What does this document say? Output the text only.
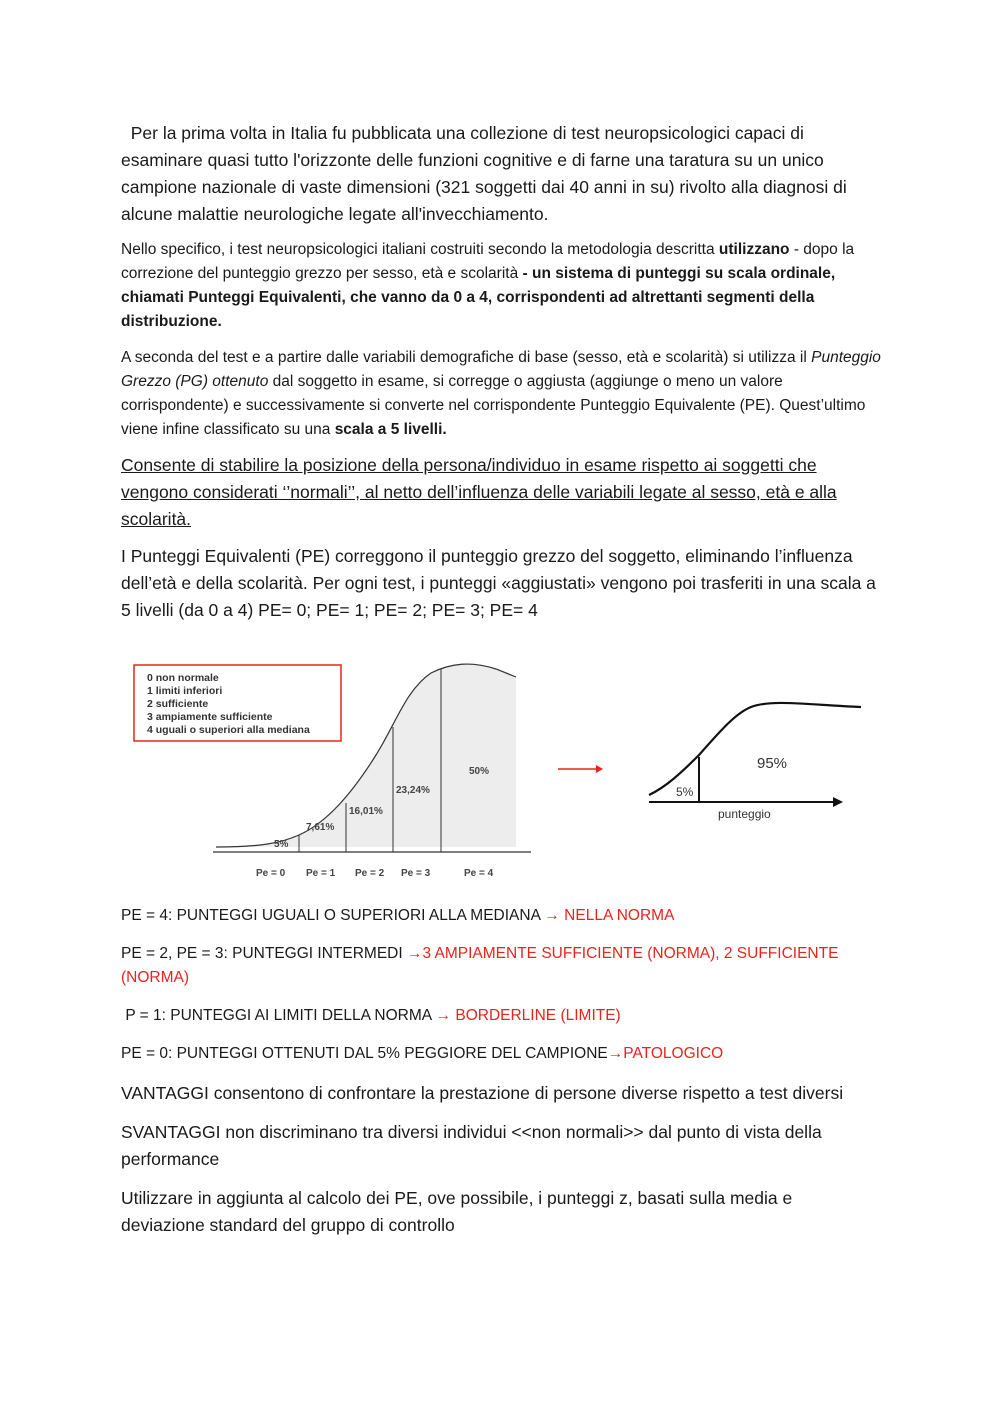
Per la prima volta in Italia fu pubblicata una collezione di test neuropsicologici capaci di esaminare quasi tutto l'orizzonte delle funzioni cognitive e di farne una taratura su un unico campione nazionale di vaste dimensioni (321 soggetti dai 40 anni in su) rivolto alla diagnosi di alcune malattie neurologiche legate all'invecchiamento.

Nello specifico, i test neuropsicologici italiani costruiti secondo la metodologia descritta utilizzano - dopo la correzione del punteggio grezzo per sesso, età e scolarità - un sistema di punteggi su scala ordinale, chiamati Punteggi Equivalenti, che vanno da 0 a 4, corrispondenti ad altrettanti segmenti della distribuzione.

A seconda del test e a partire dalle variabili demografiche di base (sesso, età e scolarità) si utilizza il Punteggio Grezzo (PG) ottenuto dal soggetto in esame, si corregge o aggiusta (aggiunge o meno un valore corrispondente) e successivamente si converte nel corrispondente Punteggio Equivalente (PE). Quest’ultimo viene infine classificato su una scala a 5 livelli.

Consente di stabilire la posizione della persona/individuo in esame rispetto ai soggetti che vengono considerati ‘’normali’’, al netto dell’influenza delle variabili legate al sesso, età e alla scolarità.

I Punteggi Equivalenti (PE) correggono il punteggio grezzo del soggetto, eliminando l’influenza dell’età e della scolarità. Per ogni test, i punteggi «aggiustati» vengono poi trasferiti in una scala a 5 livelli (da 0 a 4) PE= 0; PE= 1; PE= 2; PE= 3; PE= 4

5%
7,61%
16,01%
23,24%
50%
Pe = 0 Pe = 1 Pe = 2 Pe = 3	Pe = 4
0 non normale
1 limiti inferiori
2 sufficiente
3 ampiamente sufficiente
4 uguali o superiori alla mediana
5%
95%
punteggio

PE = 4: PUNTEGGI UGUALI O SUPERIORI ALLA MEDIANA → NELLA NORMA

PE = 2, PE = 3: PUNTEGGI INTERMEDI →3 AMPIAMENTE SUFFICIENTE (NORMA), 2 SUFFICIENTE (NORMA)

P = 1: PUNTEGGI AI LIMITI DELLA NORMA → BORDERLINE (LIMITE)

PE = 0: PUNTEGGI OTTENUTI DAL 5% PEGGIORE DEL CAMPIONE→PATOLOGICO

VANTAGGI consentono di confrontare la prestazione di persone diverse rispetto a test diversi

SVANTAGGI non discriminano tra diversi individui <<non normali>> dal punto di vista della performance

Utilizzare in aggiunta al calcolo dei PE, ove possibile, i punteggi z, basati sulla media e deviazione standard del gruppo di controllo
